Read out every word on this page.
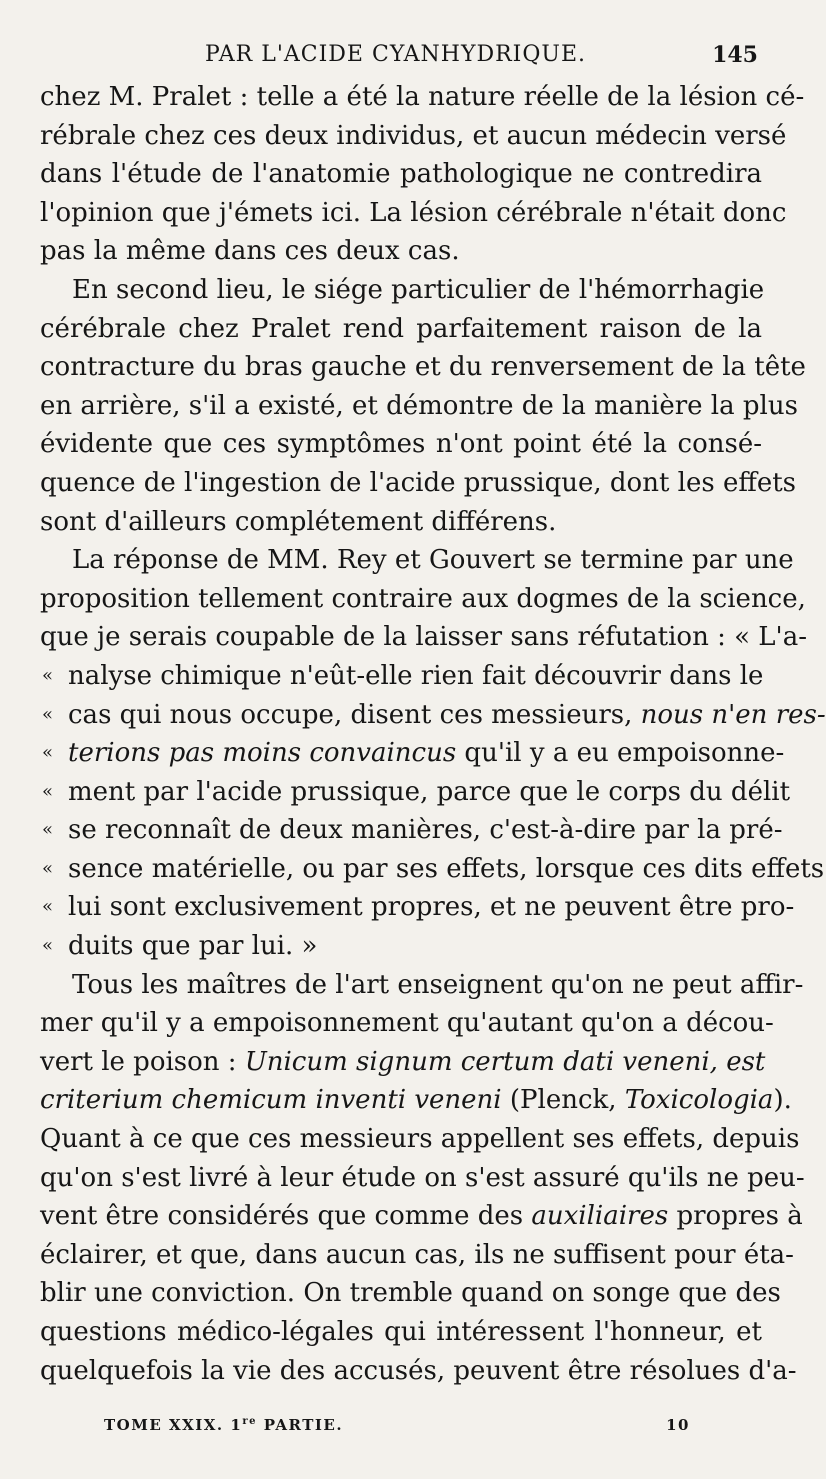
PAR L'ACIDE CYANHYDRIQUE.	145
chez M. Pralet : telle a été la nature réelle de la lésion cé-
rébrale chez ces deux individus, et aucun médecin versé
dans l'étude de l'anatomie pathologique ne contredira
l'opinion que j'émets ici. La lésion cérébrale n'était donc
pas la même dans ces deux cas.
En second lieu, le siége particulier de l'hémorrhagie
cérébrale chez Pralet rend parfaitement raison de la
contracture du bras gauche et du renversement de la tête
en arrière, s'il a existé, et démontre de la manière la plus
évidente que ces symptômes n'ont point été la consé-
quence de l'ingestion de l'acide prussique, dont les effets
sont d'ailleurs complétement différens.
La réponse de MM. Rey et Gouvert se termine par une
proposition tellement contraire aux dogmes de la science,
que je serais coupable de la laisser sans réfutation : « L'a-
« nalyse chimique n'eût-elle rien fait découvrir dans le
« cas qui nous occupe, disent ces messieurs, nous n'en res-
« terions pas moins convaincus qu'il y a eu empoisonne-
« ment par l'acide prussique, parce que le corps du délit
« se reconnaît de deux manières, c'est-à-dire par la pré-
« sence matérielle, ou par ses effets, lorsque ces dits effets
« lui sont exclusivement propres, et ne peuvent être pro-
« duits que par lui. »
Tous les maîtres de l'art enseignent qu'on ne peut affir-
mer qu'il y a empoisonnement qu'autant qu'on a décou-
vert le poison : Unicum signum certum dati veneni, est
criterium chemicum inventi veneni (Plenck, Toxicologia).
Quant à ce que ces messieurs appellent ses effets, depuis
qu'on s'est livré à leur étude on s'est assuré qu'ils ne peu-
vent être considérés que comme des auxiliaires propres à
éclairer, et que, dans aucun cas, ils ne suffisent pour éta-
blir une conviction. On tremble quand on songe que des
questions médico-légales qui intéressent l'honneur, et
quelquefois la vie des accusés, peuvent être résolues d'a-
TOME XXIX. 1re PARTIE.	10
